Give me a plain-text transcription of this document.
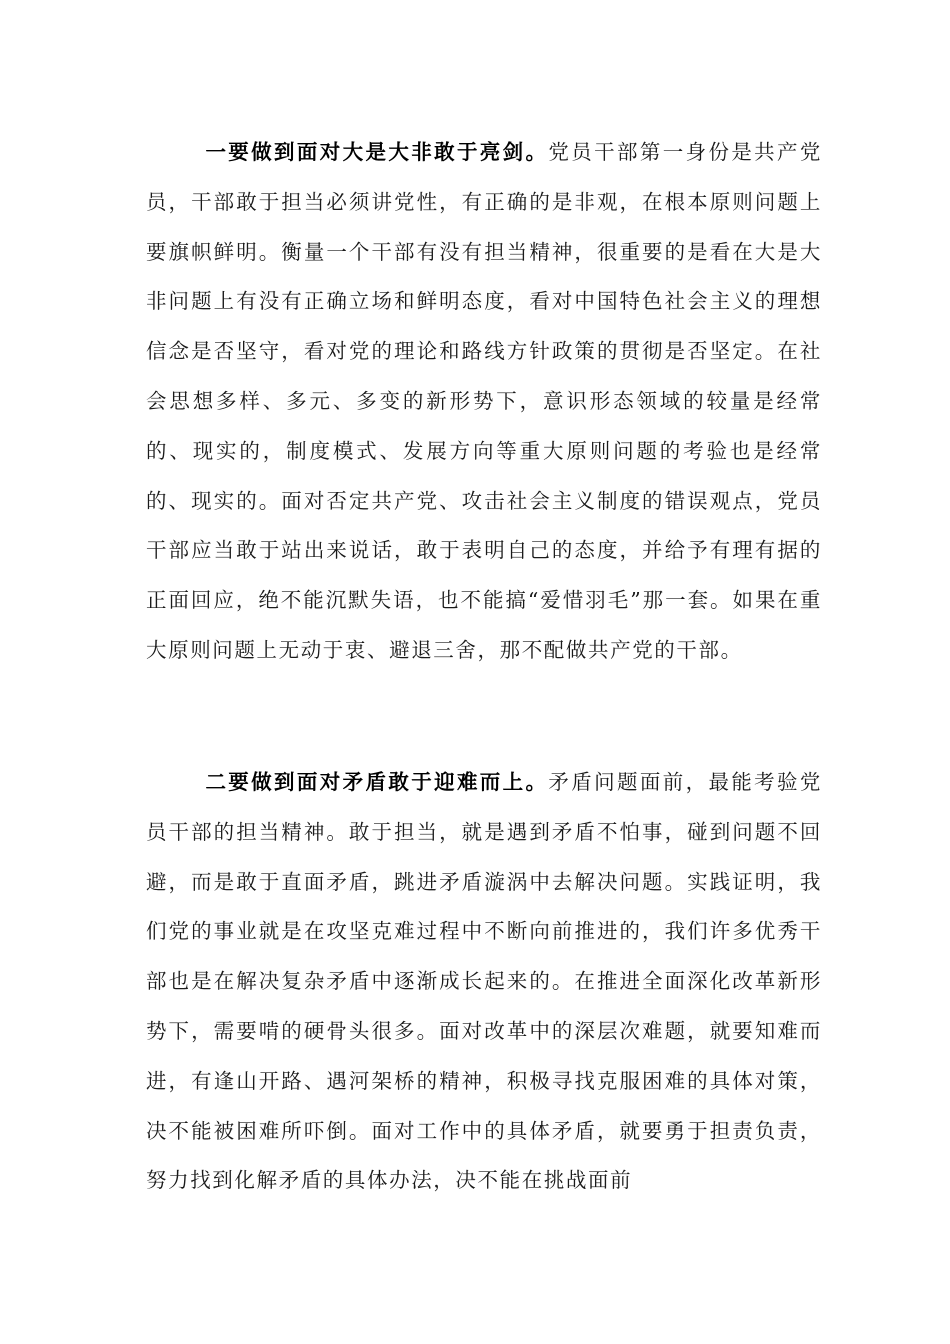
一要做到面对大是大非敢于亮剑。党员干部第一身份是共产党员，干部敢于担当必须讲党性，有正确的是非观，在根本原则问题上要旗帜鲜明。衡量一个干部有没有担当精神，很重要的是看在大是大非问题上有没有正确立场和鲜明态度，看对中国特色社会主义的理想信念是否坚守，看对党的理论和路线方针政策的贯彻是否坚定。在社会思想多样、多元、多变的新形势下，意识形态领域的较量是经常的、现实的，制度模式、发展方向等重大原则问题的考验也是经常的、现实的。面对否定共产党、攻击社会主义制度的错误观点，党员干部应当敢于站出来说话，敢于表明自己的态度，并给予有理有据的正面回应，绝不能沉默失语，也不能搞“爱惜羽毛”那一套。如果在重大原则问题上无动于衷、避退三舍，那不配做共产党的干部。

二要做到面对矛盾敢于迎难而上。矛盾问题面前，最能考验党员干部的担当精神。敢于担当，就是遇到矛盾不怕事，碰到问题不回避，而是敢于直面矛盾，跳进矛盾漩涡中去解决问题。实践证明，我们党的事业就是在攻坚克难过程中不断向前推进的，我们许多优秀干部也是在解决复杂矛盾中逐渐成长起来的。在推进全面深化改革新形势下，需要啃的硬骨头很多。面对改革中的深层次难题，就要知难而进，有逢山开路、遇河架桥的精神，积极寻找克服困难的具体对策，决不能被困难所吓倒。面对工作中的具体矛盾，就要勇于担责负责，努力找到化解矛盾的具体办法，决不能在挑战面前
